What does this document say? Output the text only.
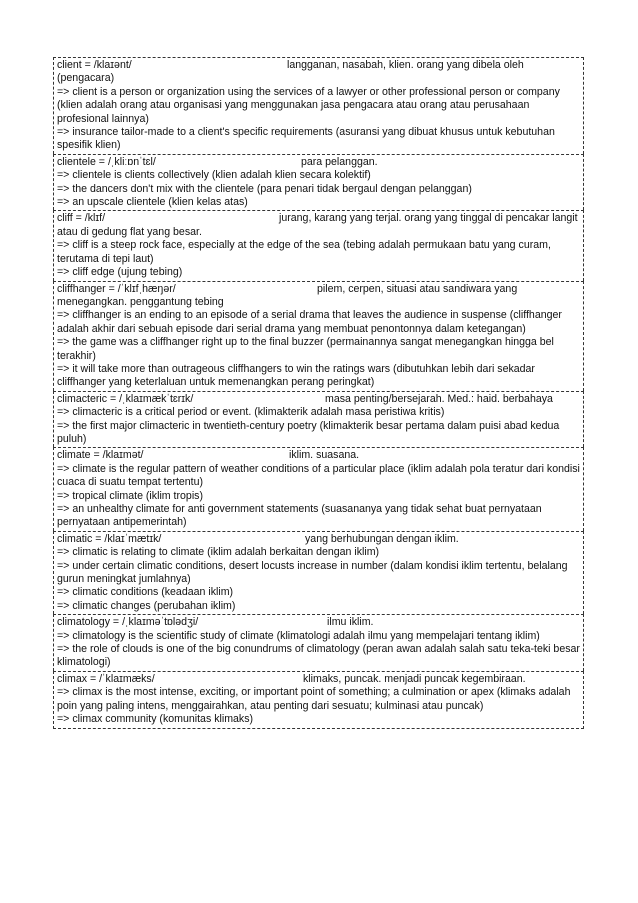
client = /klaɪənt/	langganan, nasabah, klien. orang yang dibela oleh (pengacara)
=> client is a person or organization using the services of a lawyer or other professional person or company (klien adalah orang atau organisasi yang menggunakan jasa pengacara atau orang atau perusahaan profesional lainnya)
=> insurance tailor-made to a client's specific requirements (asuransi yang dibuat khusus untuk kebutuhan spesifik klien)
clientele = /ˌkliːɒnˈtɛl/	para pelanggan.
=> clientele is clients collectively (klien adalah klien secara kolektif)
=> the dancers don't mix with the clientele (para penari tidak bergaul dengan pelanggan)
=> an upscale clientele (klien kelas atas)
cliff = /klɪf/	jurang, karang yang terjal. orang yang tinggal di pencakar langit atau di gedung flat yang besar.
=> cliff is a steep rock face, especially at the edge of the sea (tebing adalah permukaan batu yang curam, terutama di tepi laut)
=> cliff edge (ujung tebing)
cliffhanger = /ˈklɪfˌhæŋər/	pilem, cerpen, situasi atau sandiwara yang menegangkan. penggantung tebing
=> cliffhanger is an ending to an episode of a serial drama that leaves the audience in suspense (cliffhanger adalah akhir dari sebuah episode dari serial drama yang membuat penontonnya dalam ketegangan)
=> the game was a cliffhanger right up to the final buzzer (permainannya sangat menegangkan hingga bel terakhir)
=> it will take more than outrageous cliffhangers to win the ratings wars (dibutuhkan lebih dari sekadar cliffhanger yang keterlaluan untuk memenangkan perang peringkat)
climacteric = /ˌklaɪmækˈtɛrɪk/	masa penting/bersejarah. Med.: haid. berbahaya
=> climacteric is a critical period or event. (klimakterik adalah masa peristiwa kritis)
=> the first major climacteric in twentieth-century poetry (klimakterik besar pertama dalam puisi abad kedua puluh)
climate = /klaɪmət/	iklim. suasana.
=> climate is the regular pattern of weather conditions of a particular place (iklim adalah pola teratur dari kondisi cuaca di suatu tempat tertentu)
=> tropical climate (iklim tropis)
=> an unhealthy climate for anti government statements (suasananya yang tidak sehat buat pernyataan pernyataan antipemerintah)
climatic = /klaɪˈmætɪk/	yang berhubungan dengan iklim.
=> climatic is relating to climate (iklim adalah berkaitan dengan iklim)
=> under certain climatic conditions, desert locusts increase in number (dalam kondisi iklim tertentu, belalang gurun meningkat jumlahnya)
=> climatic conditions (keadaan iklim)
=> climatic changes (perubahan iklim)
climatology = /ˌklaɪməˈtɒlədʒi/	ilmu iklim.
=> climatology is the scientific study of climate (klimatologi adalah ilmu yang mempelajari tentang iklim)
=> the role of clouds is one of the big conundrums of climatology (peran awan adalah salah satu teka-teki besar klimatologi)
climax = /ˈklaɪmæks/	klimaks, puncak. menjadi puncak kegembiraan.
=> climax is the most intense, exciting, or important point of something; a culmination or apex (klimaks adalah poin yang paling intens, menggairahkan, atau penting dari sesuatu; kulminasi atau puncak)
=> climax community (komunitas klimaks)
